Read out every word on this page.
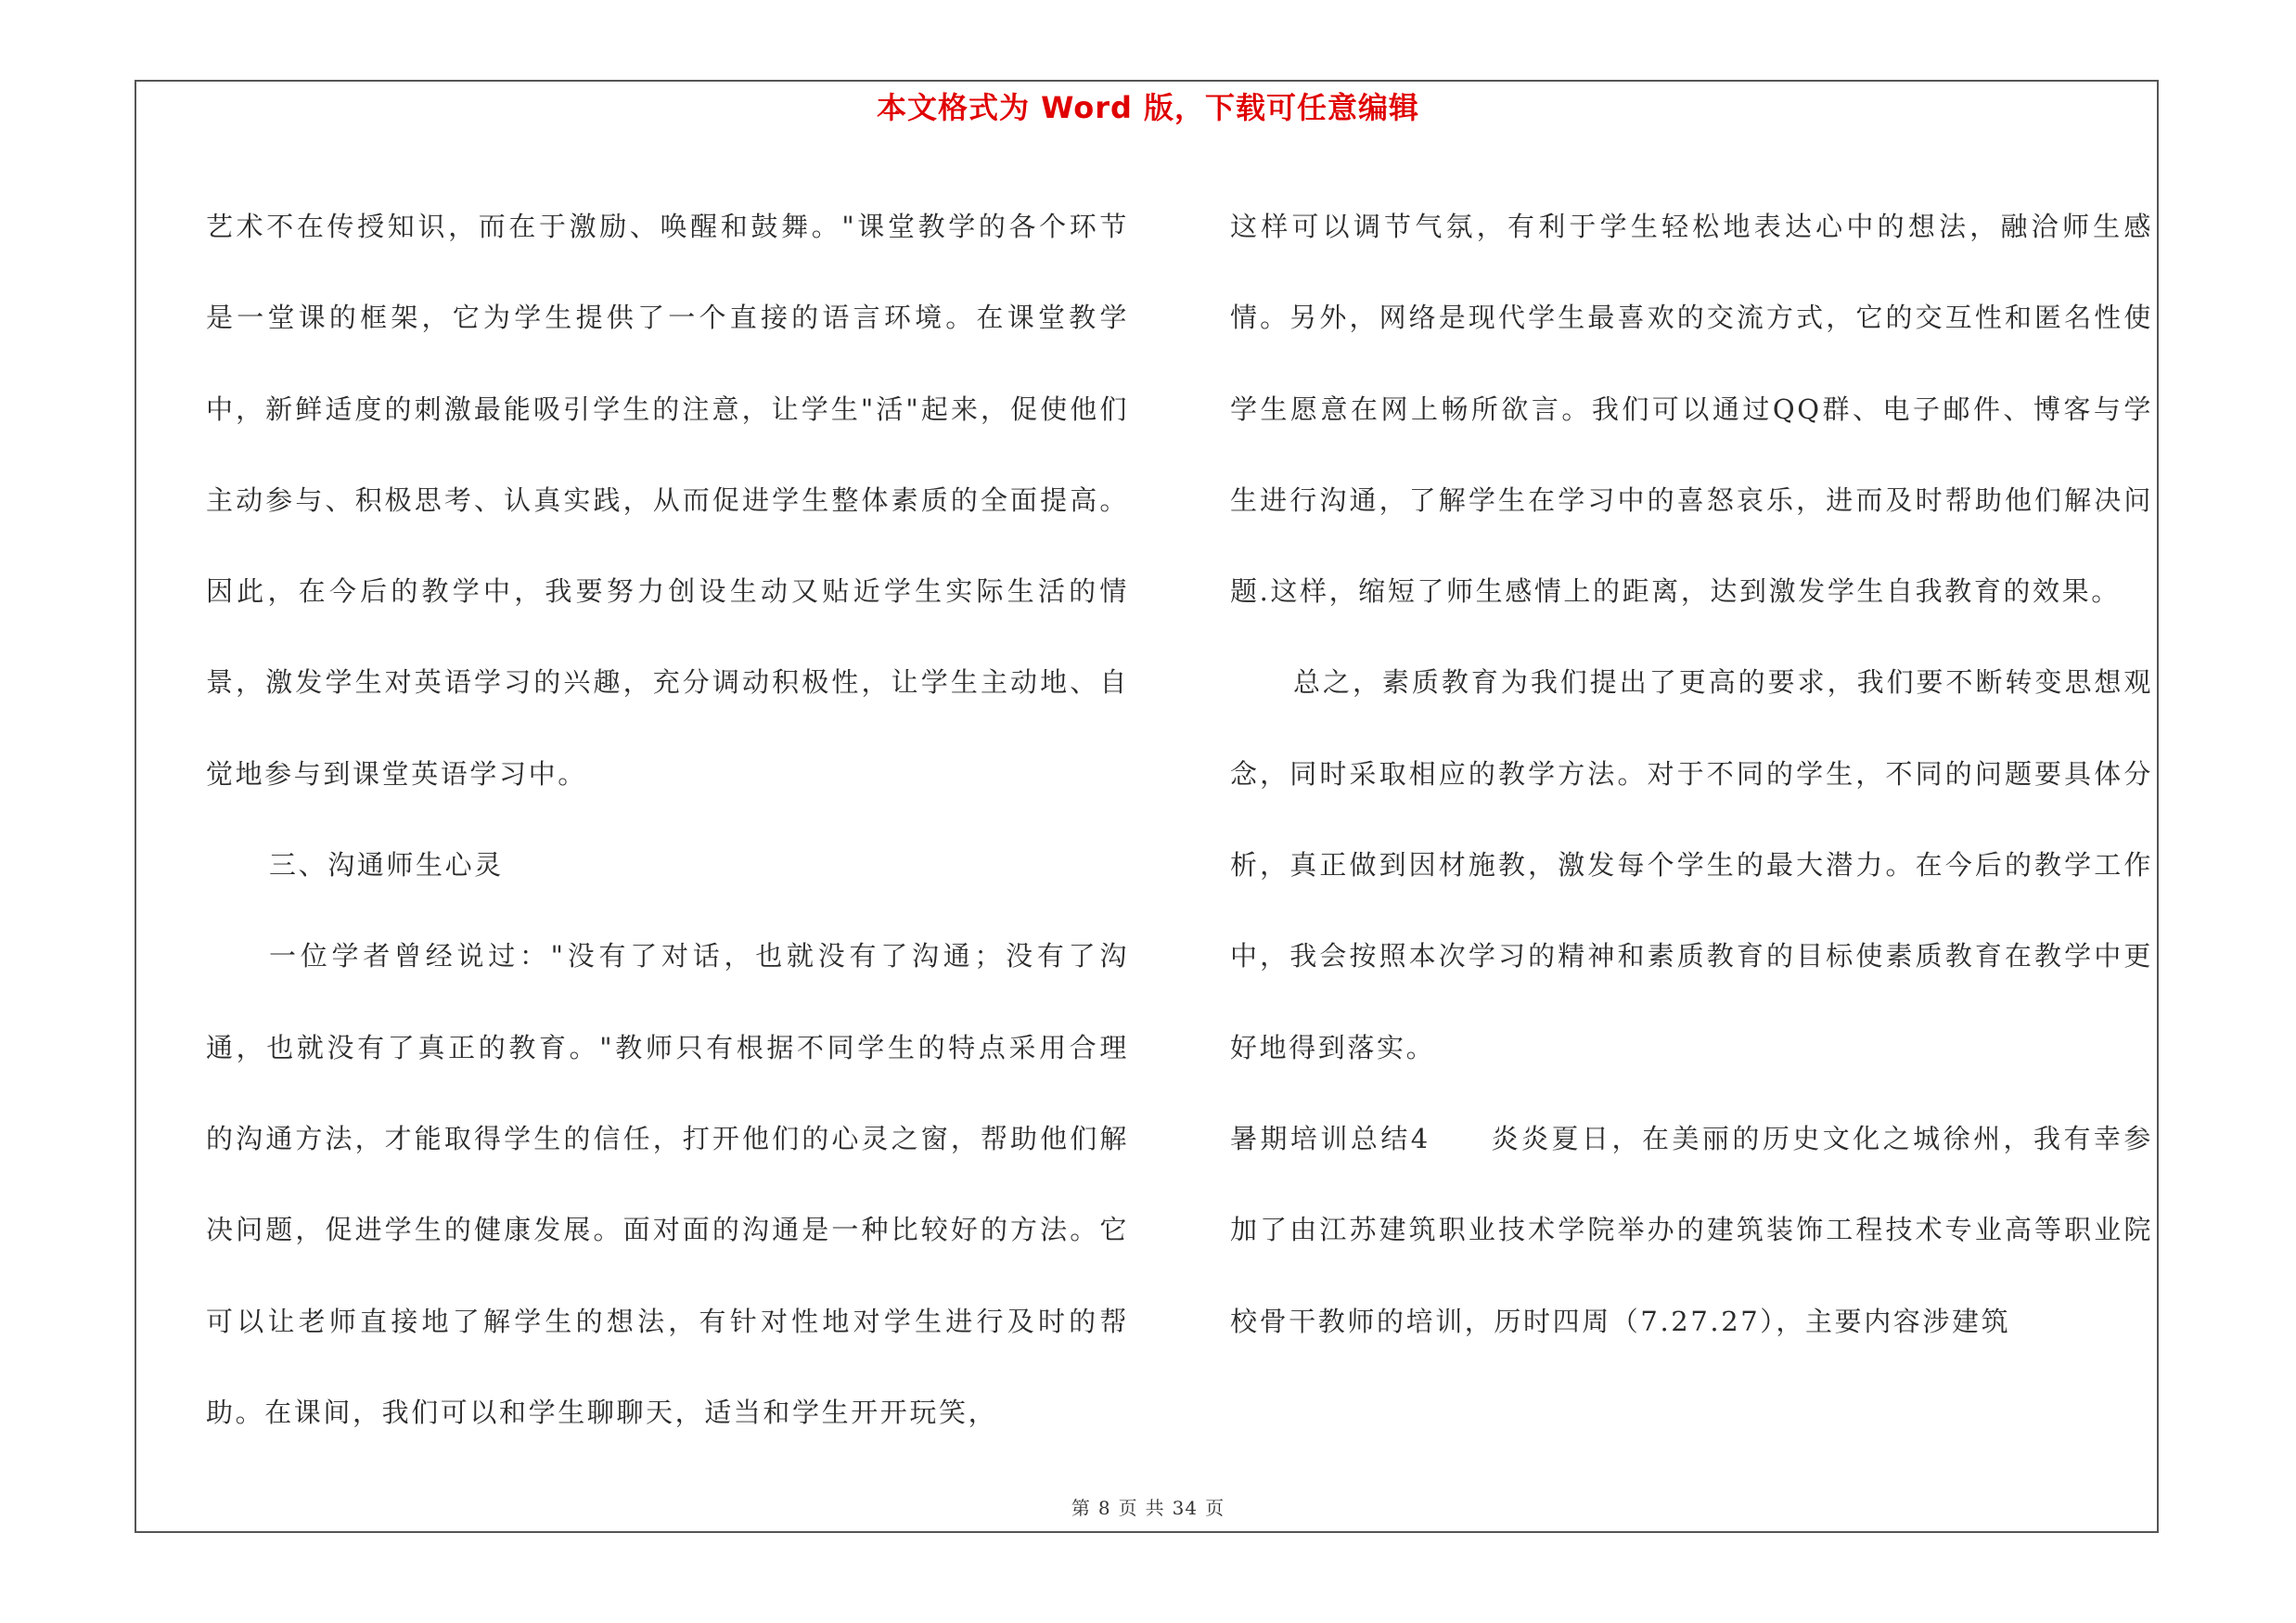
本文格式为 Word 版，下载可任意编辑

艺术不在传授知识，而在于激励、唤醒和鼓舞。"课堂教学的各个环节是一堂课的框架，它为学生提供了一个直接的语言环境。在课堂教学中，新鲜适度的刺激最能吸引学生的注意，让学生"活"起来，促使他们主动参与、积极思考、认真实践，从而促进学生整体素质的全面提高。因此，在今后的教学中，我要努力创设生动又贴近学生实际生活的情景，激发学生对英语学习的兴趣，充分调动积极性，让学生主动地、自觉地参与到课堂英语学习中。

三、沟通师生心灵

一位学者曾经说过："没有了对话，也就没有了沟通；没有了沟通，也就没有了真正的教育。"教师只有根据不同学生的特点采用合理的沟通方法，才能取得学生的信任，打开他们的心灵之窗，帮助他们解决问题，促进学生的健康发展。面对面的沟通是一种比较好的方法。它可以让老师直接地了解学生的想法，有针对性地对学生进行及时的帮助。在课间，我们可以和学生聊聊天，适当和学生开开玩笑，

这样可以调节气氛，有利于学生轻松地表达心中的想法，融洽师生感情。另外，网络是现代学生最喜欢的交流方式，它的交互性和匿名性使学生愿意在网上畅所欲言。我们可以通过QQ群、电子邮件、博客与学生进行沟通，了解学生在学习中的喜怒哀乐，进而及时帮助他们解决问题.这样，缩短了师生感情上的距离，达到激发学生自我教育的效果。

总之，素质教育为我们提出了更高的要求，我们要不断转变思想观念，同时采取相应的教学方法。对于不同的学生，不同的问题要具体分析，真正做到因材施教，激发每个学生的最大潜力。在今后的教学工作中，我会按照本次学习的精神和素质教育的目标使素质教育在教学中更好地得到落实。

暑期培训总结4　　炎炎夏日，在美丽的历史文化之城徐州，我有幸参加了由江苏建筑职业技术学院举办的建筑装饰工程技术专业高等职业院校骨干教师的培训，历时四周（7.27.27），主要内容涉建筑

第 8 页 共 34 页
